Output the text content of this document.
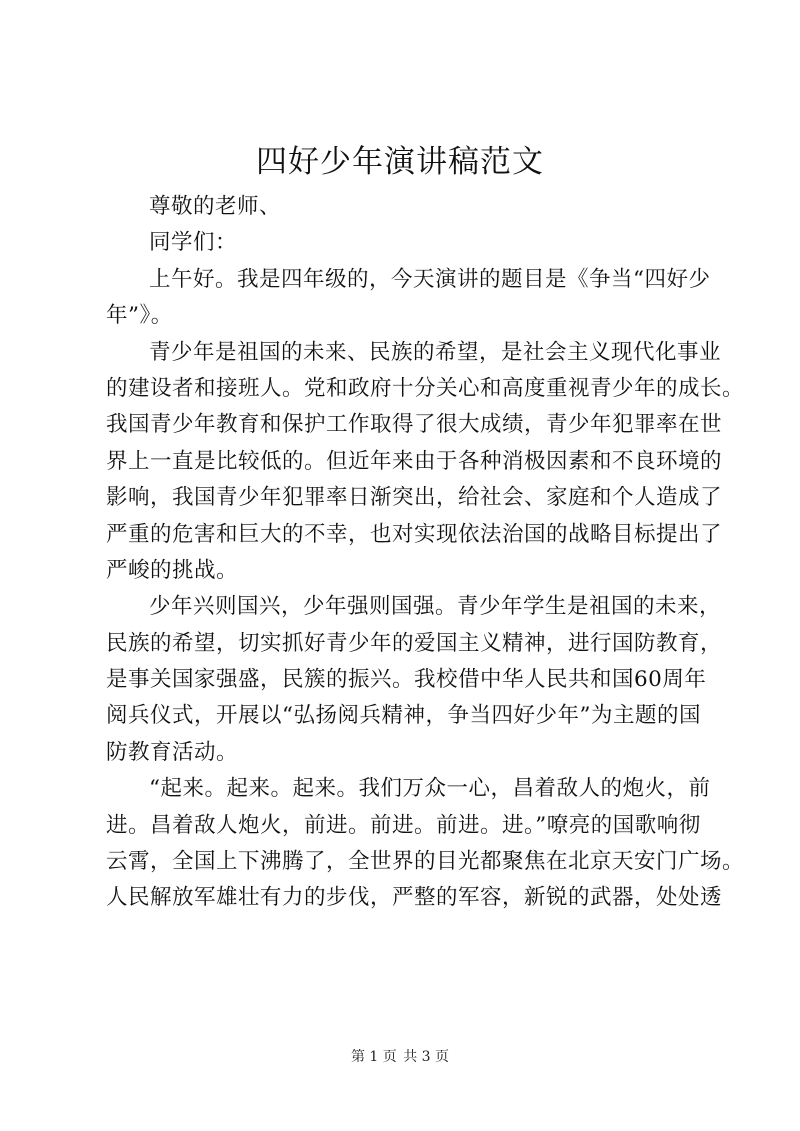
四好少年演讲稿范文
尊敬的老师、
同学们：
上午好。我是四年级的，今天演讲的题目是《争当“四好少
年”》。
青少年是祖国的未来、民族的希望，是社会主义现代化事业
的建设者和接班人。党和政府十分关心和高度重视青少年的成长。
我国青少年教育和保护工作取得了很大成绩，青少年犯罪率在世
界上一直是比较低的。但近年来由于各种消极因素和不良环境的
影响，我国青少年犯罪率日渐突出，给社会、家庭和个人造成了
严重的危害和巨大的不幸，也对实现依法治国的战略目标提出了
严峻的挑战。
少年兴则国兴，少年强则国强。青少年学生是祖国的未来，
民族的希望，切实抓好青少年的爱国主义精神，进行国防教育，
是事关国家强盛，民簇的振兴。我校借中华人民共和国60周年
阅兵仪式，开展以“弘扬阅兵精神，争当四好少年”为主题的国
防教育活动。
“起来。起来。起来。我们万众一心，昌着敌人的炮火，前
进。昌着敌人炮火，前进。前进。前进。进。”嘹亮的国歌响彻
云霄，全国上下沸腾了，全世界的目光都聚焦在北京天安门广场。
人民解放军雄壮有力的步伐，严整的军容，新锐的武器，处处透
第 1 页 共 3 页
